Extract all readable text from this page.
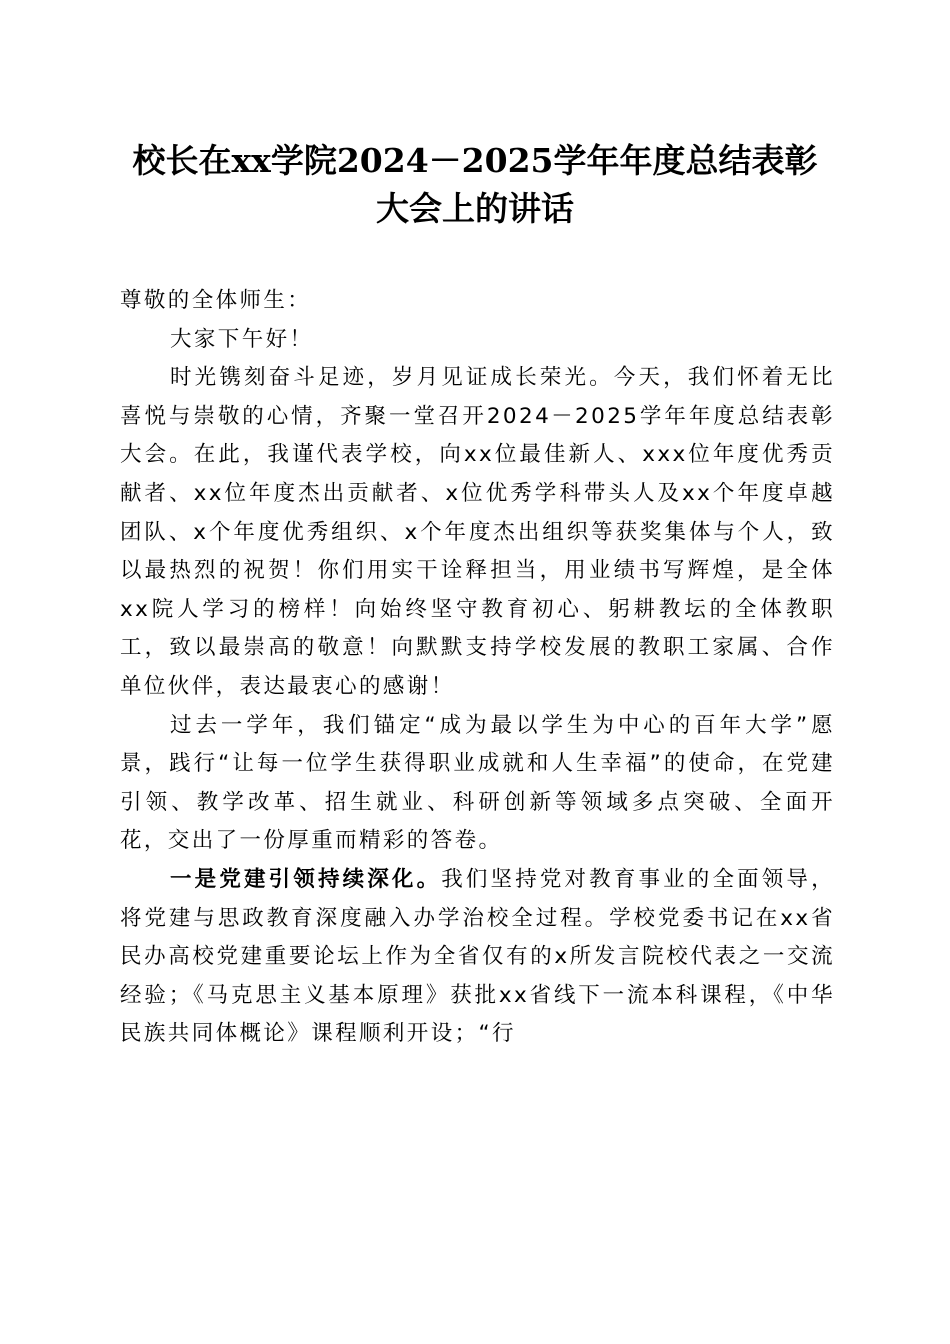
校长在xx学院2024－2025学年年度总结表彰
大会上的讲话

尊敬的全体师生：

大家下午好！

时光镌刻奋斗足迹，岁月见证成长荣光。今天，我们怀着无比喜悦与崇敬的心情，齐聚一堂召开2024－2025学年年度总结表彰大会。在此，我谨代表学校，向xx位最佳新人、xxx位年度优秀贡献者、xx位年度杰出贡献者、x位优秀学科带头人及xx个年度卓越团队、x个年度优秀组织、x个年度杰出组织等获奖集体与个人，致以最热烈的祝贺！你们用实干诠释担当，用业绩书写辉煌，是全体xx院人学习的榜样！向始终坚守教育初心、躬耕教坛的全体教职工，致以最崇高的敬意！向默默支持学校发展的教职工家属、合作单位伙伴，表达最衷心的感谢！

过去一学年，我们锚定“成为最以学生为中心的百年大学”愿景，践行“让每一位学生获得职业成就和人生幸福”的使命，在党建引领、教学改革、招生就业、科研创新等领域多点突破、全面开花，交出了一份厚重而精彩的答卷。

一是党建引领持续深化。我们坚持党对教育事业的全面领导，将党建与思政教育深度融入办学治校全过程。学校党委书记在xx省民办高校党建重要论坛上作为全省仅有的x所发言院校代表之一交流经验；《马克思主义基本原理》获批xx省线下一流本科课程，《中华民族共同体概论》课程顺利开设；“行
